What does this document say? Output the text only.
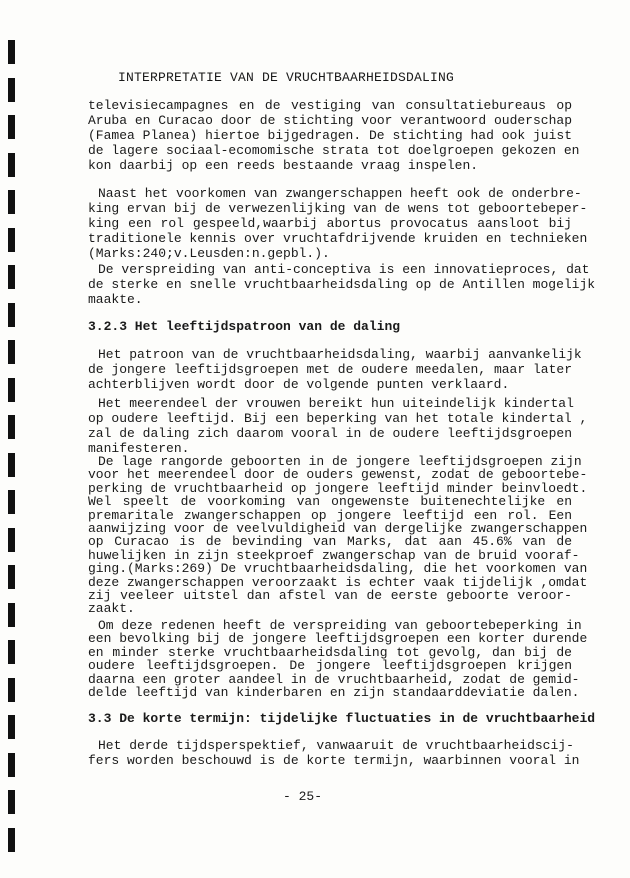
INTERPRETATIE VAN DE VRUCHTBAARHEIDSDALING
televisiecampagnes en de vestiging van consultatiebureaus op
Aruba en Curacao door de stichting voor verantwoord ouderschap
(Famea Planea) hiertoe bijgedragen. De stichting had ook juist
de lagere sociaal-ecomomische strata tot doelgroepen gekozen en
kon daarbij op een reeds bestaande vraag inspelen.
Naast het voorkomen van zwangerschappen heeft ook de onderbre-
king ervan bij de verwezenlijking van de wens tot geboortebeper-
king een rol gespeeld,waarbij abortus provocatus aansloot bij
traditionele kennis over vruchtafdrijvende kruiden en technieken
(Marks:240;v.Leusden:n.gepbl.).
De verspreiding van anti-conceptiva is een innovatieproces, dat
de sterke en snelle vruchtbaarheidsdaling op de Antillen mogelijk
maakte.
3.2.3 Het leeftijdspatroon van de daling
Het patroon van de vruchtbaarheidsdaling, waarbij aanvankelijk
de jongere leeftijdsgroepen met de oudere meedalen, maar later
achterblijven wordt door de volgende punten verklaard.
Het meerendeel der vrouwen bereikt hun uiteindelijk kindertal
op oudere leeftijd. Bij een beperking van het totale kindertal ,
zal de daling zich daarom vooral in de oudere leeftijdsgroepen
manifesteren.
De lage rangorde geboorten in de jongere leeftijdsgroepen zijn
voor het meerendeel door de ouders gewenst, zodat de geboortebe-
perking de vruchtbaarheid op jongere leeftijd minder beinvloedt.
Wel speelt de voorkoming van ongewenste buitenechtelijke en
premaritale zwangerschappen op jongere leeftijd een rol. Een
aanwijzing voor de veelvuldigheid van dergelijke zwangerschappen
op Curacao is de bevinding van Marks, dat aan 45.6% van de
huwelijken in zijn steekproef zwangerschap van de bruid vooraf-
ging.(Marks:269) De vruchtbaarheidsdaling, die het voorkomen van
deze zwangerschappen veroorzaakt is echter vaak tijdelijk ,omdat
zij veeleer uitstel dan afstel van de eerste geboorte veroor-
zaakt.
Om deze redenen heeft de verspreiding van geboortebeperking in
een bevolking bij de jongere leeftijdsgroepen een korter durende
en minder sterke vruchtbaarheidsdaling tot gevolg, dan bij de
oudere leeftijdsgroepen. De jongere leeftijdsgroepen krijgen
daarna een groter aandeel in de vruchtbaarheid, zodat de gemid-
delde leeftijd van kinderbaren en zijn standaarddeviatie dalen.
3.3 De korte termijn: tijdelijke fluctuaties in de vruchtbaarheid
Het derde tijdsperspektief, vanwaaruit de vruchtbaarheidscij-
fers worden beschouwd is de korte termijn, waarbinnen vooral in
- 25-
